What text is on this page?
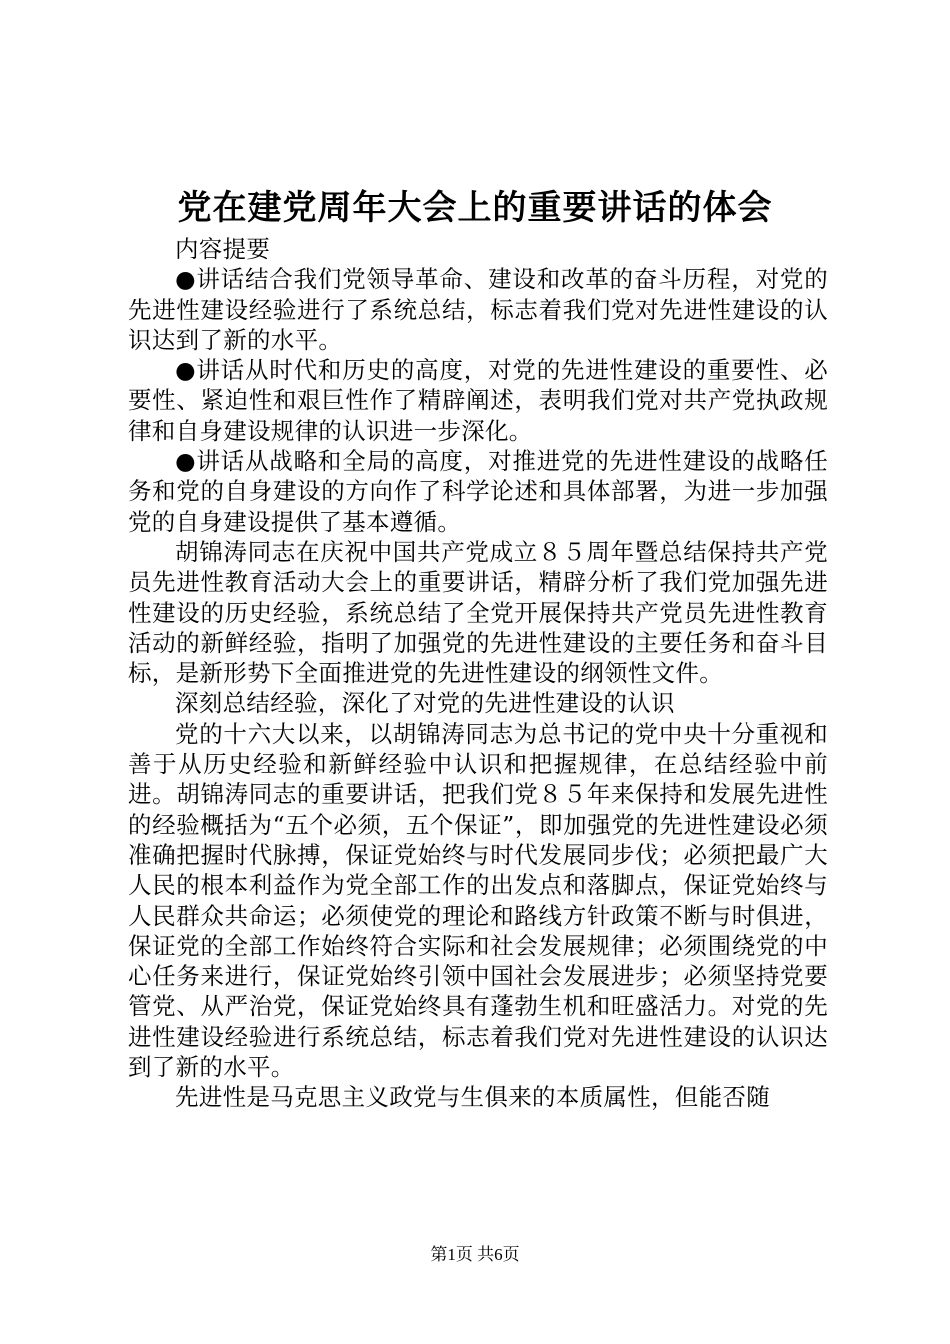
党在建党周年大会上的重要讲话的体会

内容提要

●讲话结合我们党领导革命、建设和改革的奋斗历程，对党的先进性建设经验进行了系统总结，标志着我们党对先进性建设的认识达到了新的水平。

●讲话从时代和历史的高度，对党的先进性建设的重要性、必要性、紧迫性和艰巨性作了精辟阐述，表明我们党对共产党执政规律和自身建设规律的认识进一步深化。

●讲话从战略和全局的高度，对推进党的先进性建设的战略任务和党的自身建设的方向作了科学论述和具体部署，为进一步加强党的自身建设提供了基本遵循。

胡锦涛同志在庆祝中国共产党成立８５周年暨总结保持共产党员先进性教育活动大会上的重要讲话，精辟分析了我们党加强先进性建设的历史经验，系统总结了全党开展保持共产党员先进性教育活动的新鲜经验，指明了加强党的先进性建设的主要任务和奋斗目标，是新形势下全面推进党的先进性建设的纲领性文件。

深刻总结经验，深化了对党的先进性建设的认识

党的十六大以来，以胡锦涛同志为总书记的党中央十分重视和善于从历史经验和新鲜经验中认识和把握规律，在总结经验中前进。胡锦涛同志的重要讲话，把我们党８５年来保持和发展先进性的经验概括为“五个必须，五个保证”，即加强党的先进性建设必须准确把握时代脉搏，保证党始终与时代发展同步伐；必须把最广大人民的根本利益作为党全部工作的出发点和落脚点，保证党始终与人民群众共命运；必须使党的理论和路线方针政策不断与时俱进，保证党的全部工作始终符合实际和社会发展规律；必须围绕党的中心任务来进行，保证党始终引领中国社会发展进步；必须坚持党要管党、从严治党，保证党始终具有蓬勃生机和旺盛活力。对党的先进性建设经验进行系统总结，标志着我们党对先进性建设的认识达到了新的水平。

先进性是马克思主义政党与生俱来的本质属性，但能否随

第1页 共6页
